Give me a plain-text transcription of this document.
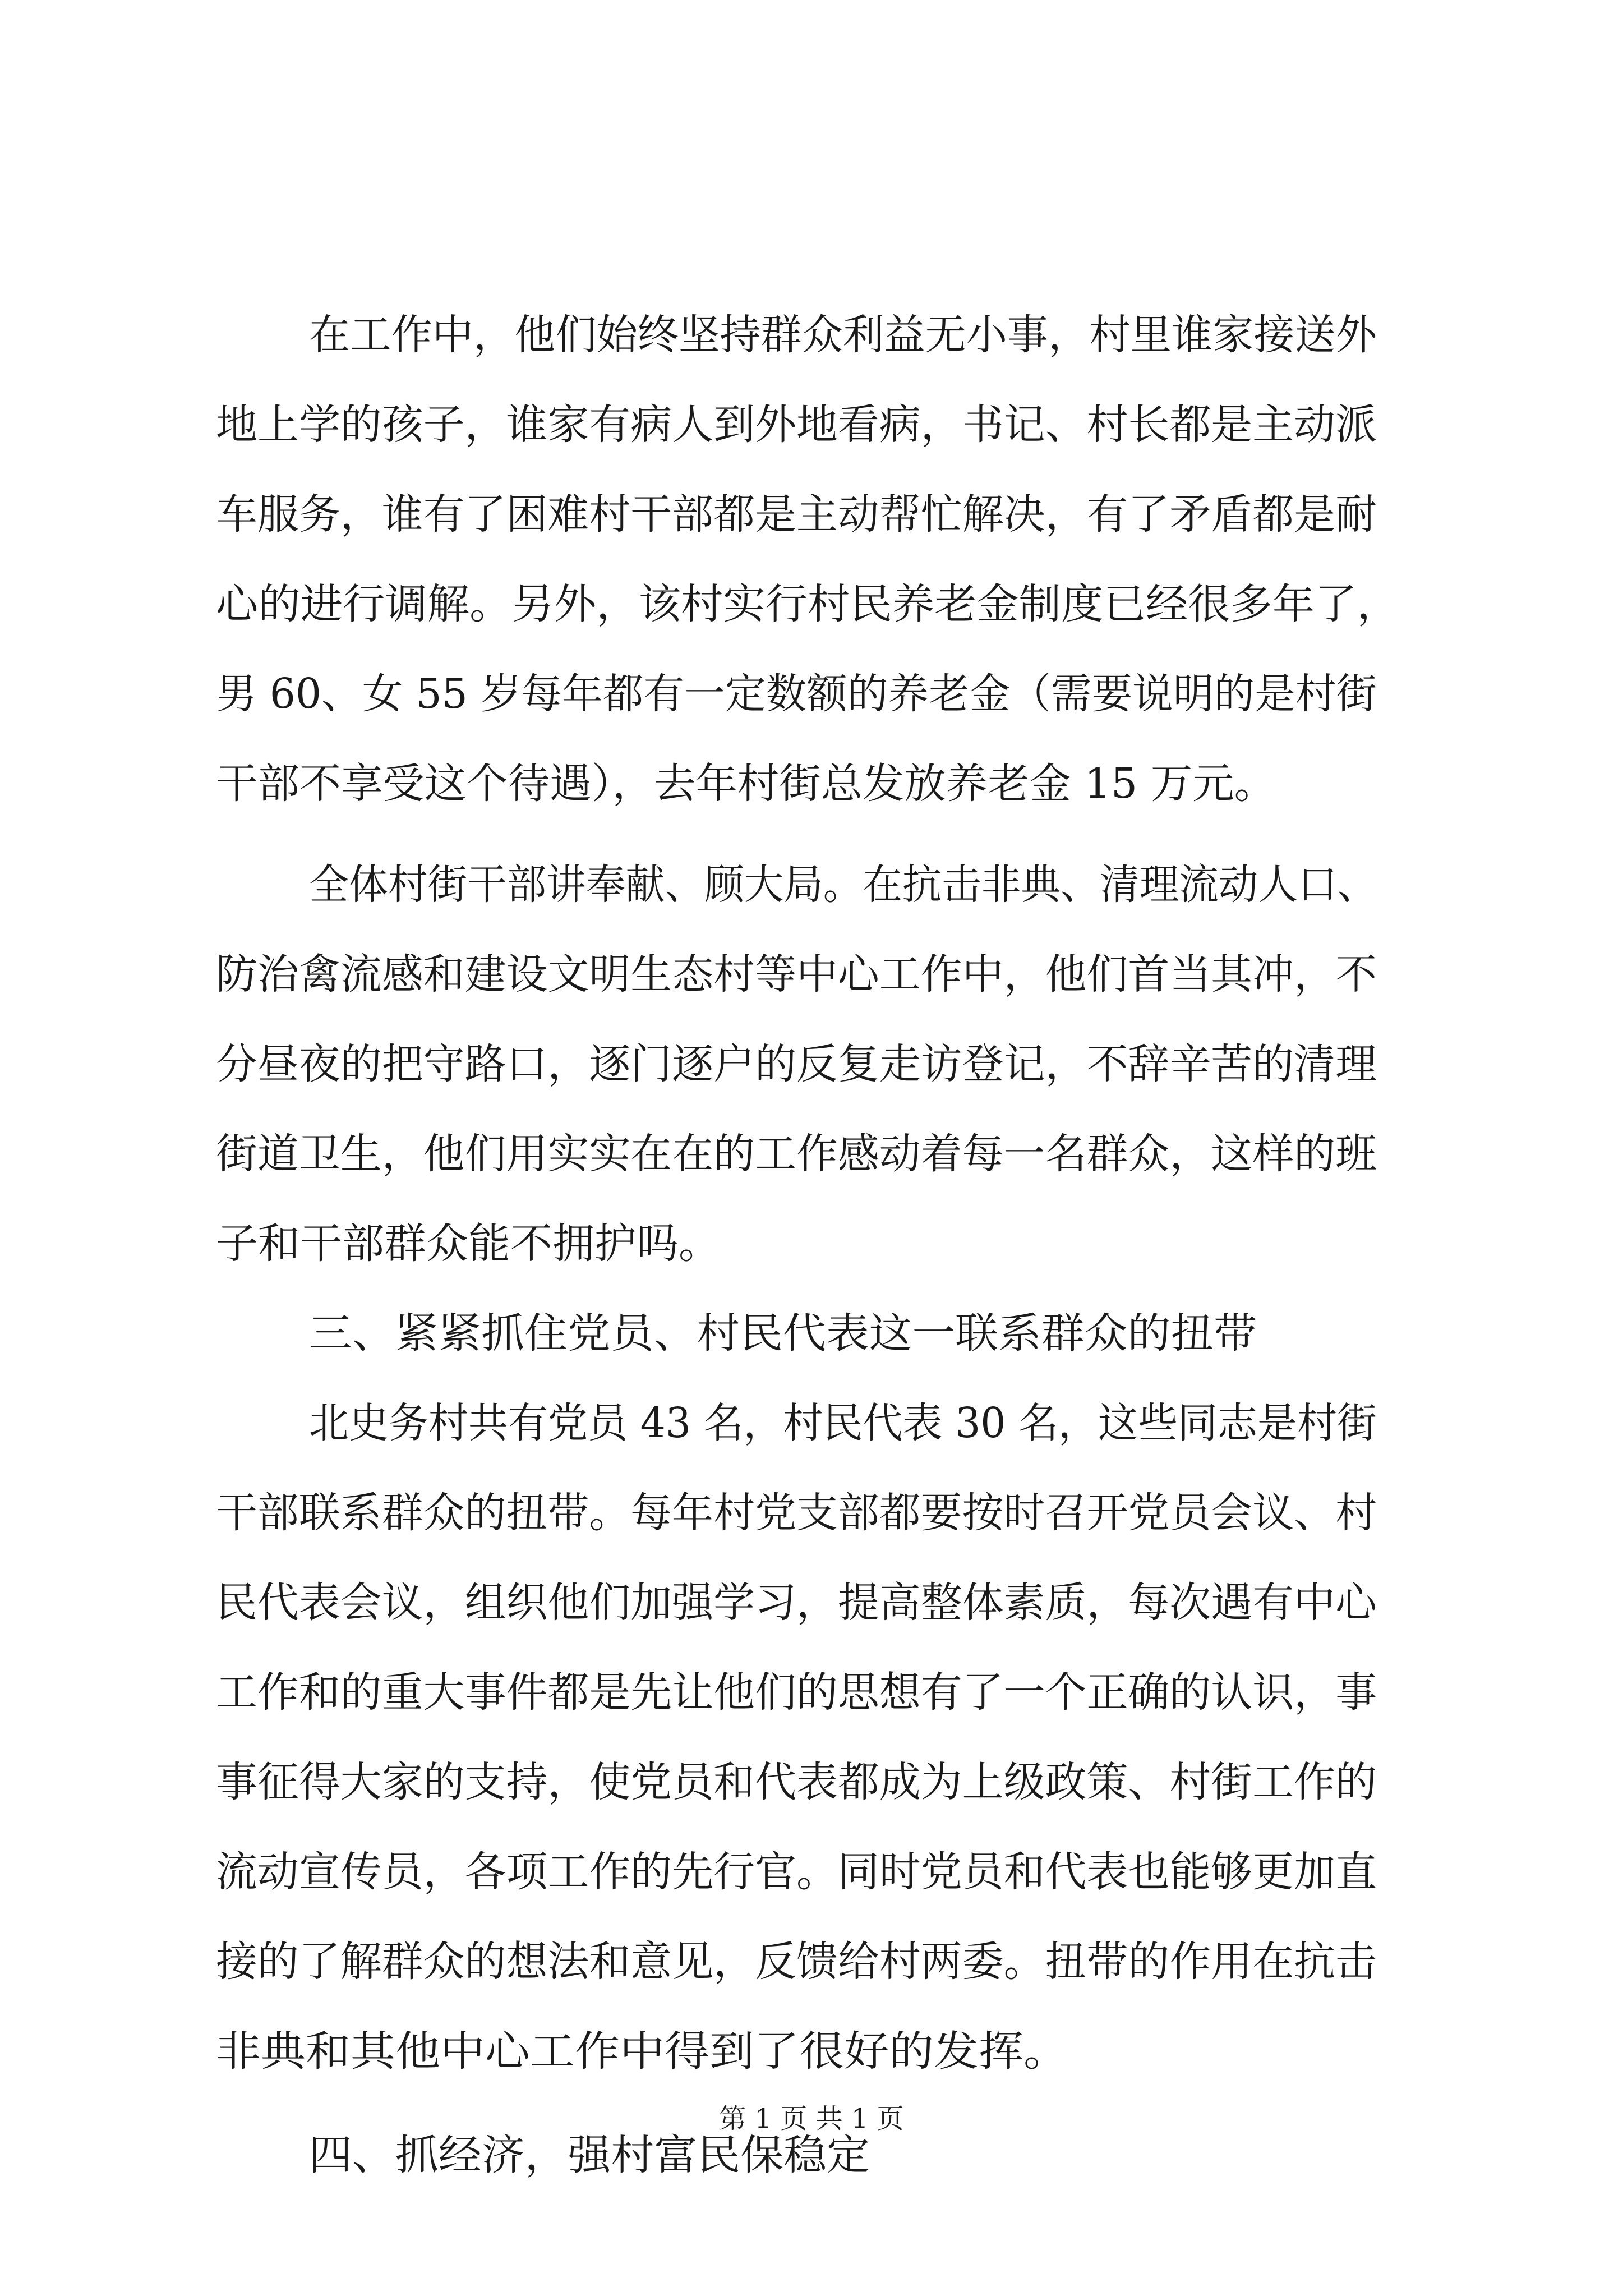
在工作中，他们始终坚持群众利益无小事，村里谁家接送外
地上学的孩子，谁家有病人到外地看病，书记、村长都是主动派
车服务，谁有了困难村干部都是主动帮忙解决，有了矛盾都是耐
心的进行调解。另外，该村实行村民养老金制度已经很多年了，
男 60、女 55 岁每年都有一定数额的养老金（需要说明的是村街
干部不享受这个待遇），去年村街总发放养老金 15 万元。
全体村街干部讲奉献、顾大局。在抗击非典、清理流动人口、
防治禽流感和建设文明生态村等中心工作中，他们首当其冲，不
分昼夜的把守路口，逐门逐户的反复走访登记，不辞辛苦的清理
街道卫生，他们用实实在在的工作感动着每一名群众，这样的班
子和干部群众能不拥护吗。
三、紧紧抓住党员、村民代表这一联系群众的扭带
北史务村共有党员 43 名，村民代表 30 名，这些同志是村街
干部联系群众的扭带。每年村党支部都要按时召开党员会议、村
民代表会议，组织他们加强学习，提高整体素质，每次遇有中心
工作和的重大事件都是先让他们的思想有了一个正确的认识，事
事征得大家的支持，使党员和代表都成为上级政策、村街工作的
流动宣传员，各项工作的先行官。同时党员和代表也能够更加直
接的了解群众的想法和意见，反馈给村两委。扭带的作用在抗击
非典和其他中心工作中得到了很好的发挥。
四、抓经济，强村富民保稳定
第 1 页 共 1 页
